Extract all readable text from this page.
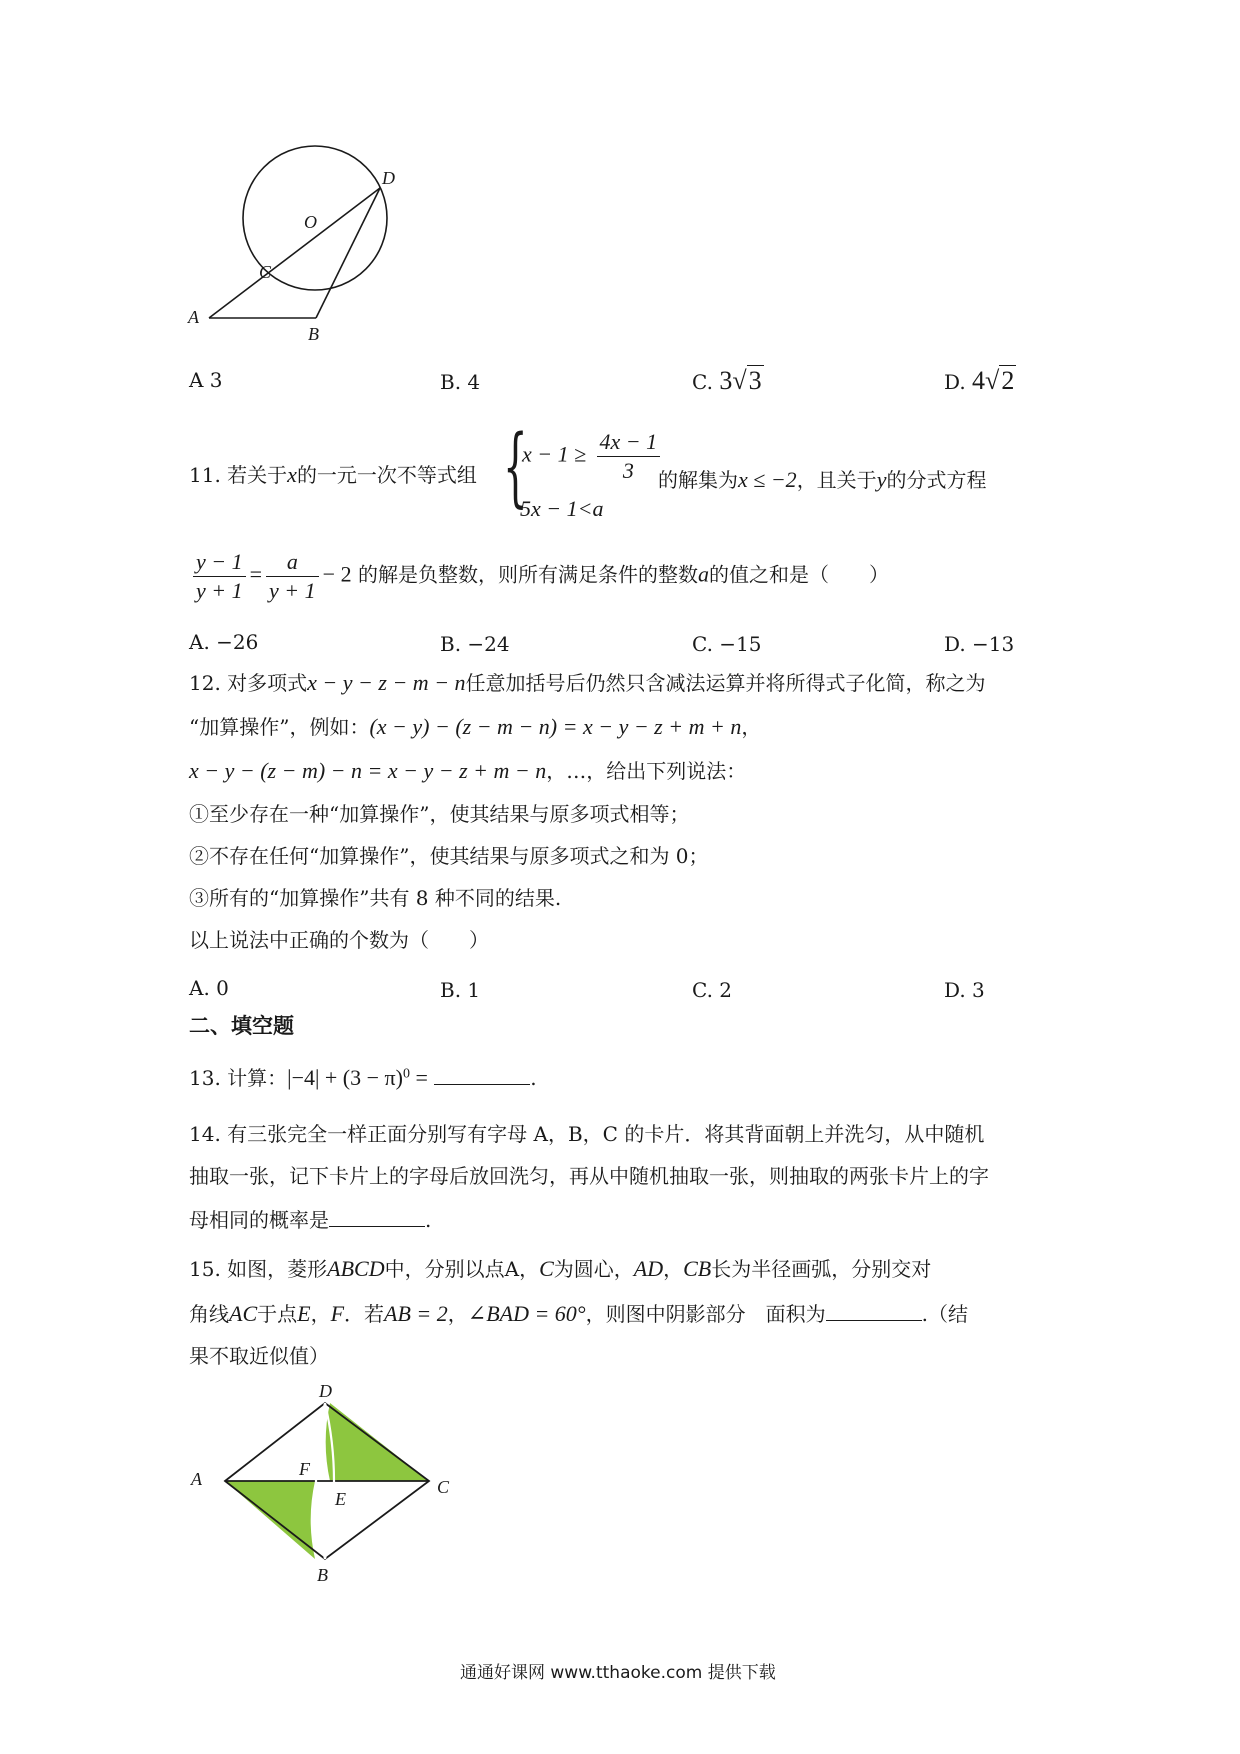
D
O
C
A
B
A 3	B. 4	C. 3√3	D. 4√2
11. 若关于x的一元一次不等式组 {
$x - 1 \ge \frac{4x - 1}{3}$
5x − 1<a
的解集为x ≤ −2，且关于y的分式方程
$\frac{y - 1}{y + 1} = \frac{a}{y + 1} - 2$ 的解是负整数，则所有满足条件的整数a的值之和是（　　）
A. −26	B. −24	C. −15	D. −13
12. 对多项式x − y − z − m − n任意加括号后仍然只含减法运算并将所得式子化简，称之为
“加算操作”，例如：(x − y) − (z − m − n) = x − y − z + m + n，
x − y − (z − m) − n = x − y − z + m − n，…，给出下列说法：
①至少存在一种“加算操作”，使其结果与原多项式相等；
②不存在任何“加算操作”，使其结果与原多项式之和为 0；
③所有的“加算操作”共有 8 种不同的结果.
以上说法中正确的个数为（　　）
A. 0	B. 1	C. 2	D. 3
二、填空题
13. 计算：$|-4| + (3 - \pi)^0$ =	.
14. 有三张完全一样正面分别写有字母 A，B，C 的卡片．将其背面朝上并洗匀，从中随机
抽取一张，记下卡片上的字母后放回洗匀，再从中随机抽取一张，则抽取的两张卡片上的字
母相同的概率是	.
15. 如图，菱形ABCD中，分别以点A，C为圆心，AD，CB长为半径画弧，分别交对
角线AC于点E，F．若AB = 2，∠BAD = 60°，则图中阴影部分　面积为	.（结
果不取近似值）
D
A	C
F
E
B
通通好课网 www.tthaoke.com 提供下载
